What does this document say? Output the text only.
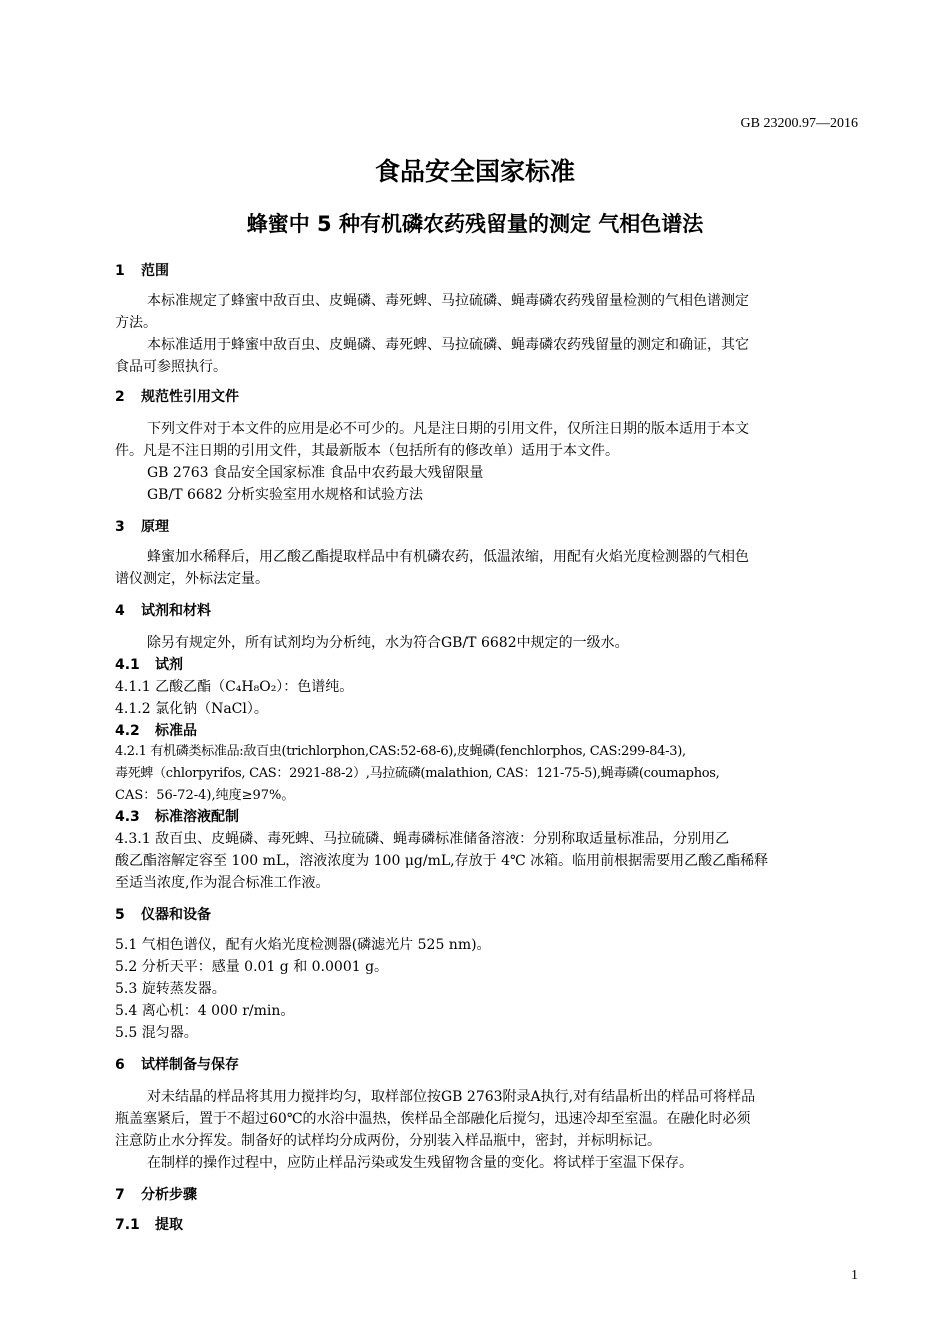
GB 23200.97—2016
食品安全国家标准
蜂蜜中 5 种有机磷农药残留量的测定 气相色谱法
1 范围
本标准规定了蜂蜜中敌百虫、皮蝇磷、毒死蜱、马拉硫磷、蝇毒磷农药残留量检测的气相色谱测定
方法。
本标准适用于蜂蜜中敌百虫、皮蝇磷、毒死蜱、马拉硫磷、蝇毒磷农药残留量的测定和确证，其它
食品可参照执行。
2 规范性引用文件
下列文件对于本文件的应用是必不可少的。凡是注日期的引用文件，仅所注日期的版本适用于本文
件。凡是不注日期的引用文件，其最新版本（包括所有的修改单）适用于本文件。
GB 2763 食品安全国家标准 食品中农药最大残留限量
GB/T 6682 分析实验室用水规格和试验方法
3 原理
蜂蜜加水稀释后，用乙酸乙酯提取样品中有机磷农药，低温浓缩，用配有火焰光度检测器的气相色
谱仪测定，外标法定量。
4 试剂和材料
除另有规定外，所有试剂均为分析纯，水为符合GB/T 6682中规定的一级水。
4.1 试剂
4.1.1 乙酸乙酯（C₄H₈O₂）：色谱纯。
4.1.2 氯化钠（NaCl）。
4.2 标准品
4.2.1 有机磷类标准品:敌百虫(trichlorphon,CAS:52-68-6),皮蝇磷(fenchlorphos, CAS:299-84-3),
毒死蜱（chlorpyrifos, CAS：2921-88-2）,马拉硫磷(malathion, CAS：121-75-5),蝇毒磷(coumaphos,
CAS：56-72-4),纯度≥97%。
4.3 标准溶液配制
4.3.1 敌百虫、皮蝇磷、毒死蜱、马拉硫磷、蝇毒磷标准储备溶液：分别称取适量标准品，分别用乙
酸乙酯溶解定容至 100 mL，溶液浓度为 100 μg/mL,存放于 4℃ 冰箱。临用前根据需要用乙酸乙酯稀释
至适当浓度,作为混合标准工作液。
5 仪器和设备
5.1 气相色谱仪，配有火焰光度检测器(磷滤光片 525 nm)。
5.2 分析天平：感量 0.01 g 和 0.0001 g。
5.3 旋转蒸发器。
5.4 离心机：4 000 r/min。
5.5 混匀器。
6 试样制备与保存
对未结晶的样品将其用力搅拌均匀，取样部位按GB 2763附录A执行,对有结晶析出的样品可将样品
瓶盖塞紧后，置于不超过60℃的水浴中温热，俟样品全部融化后搅匀，迅速冷却至室温。在融化时必须
注意防止水分挥发。制备好的试样均分成两份，分别装入样品瓶中，密封，并标明标记。
在制样的操作过程中，应防止样品污染或发生残留物含量的变化。将试样于室温下保存。
7 分析步骤
7.1 提取
1
